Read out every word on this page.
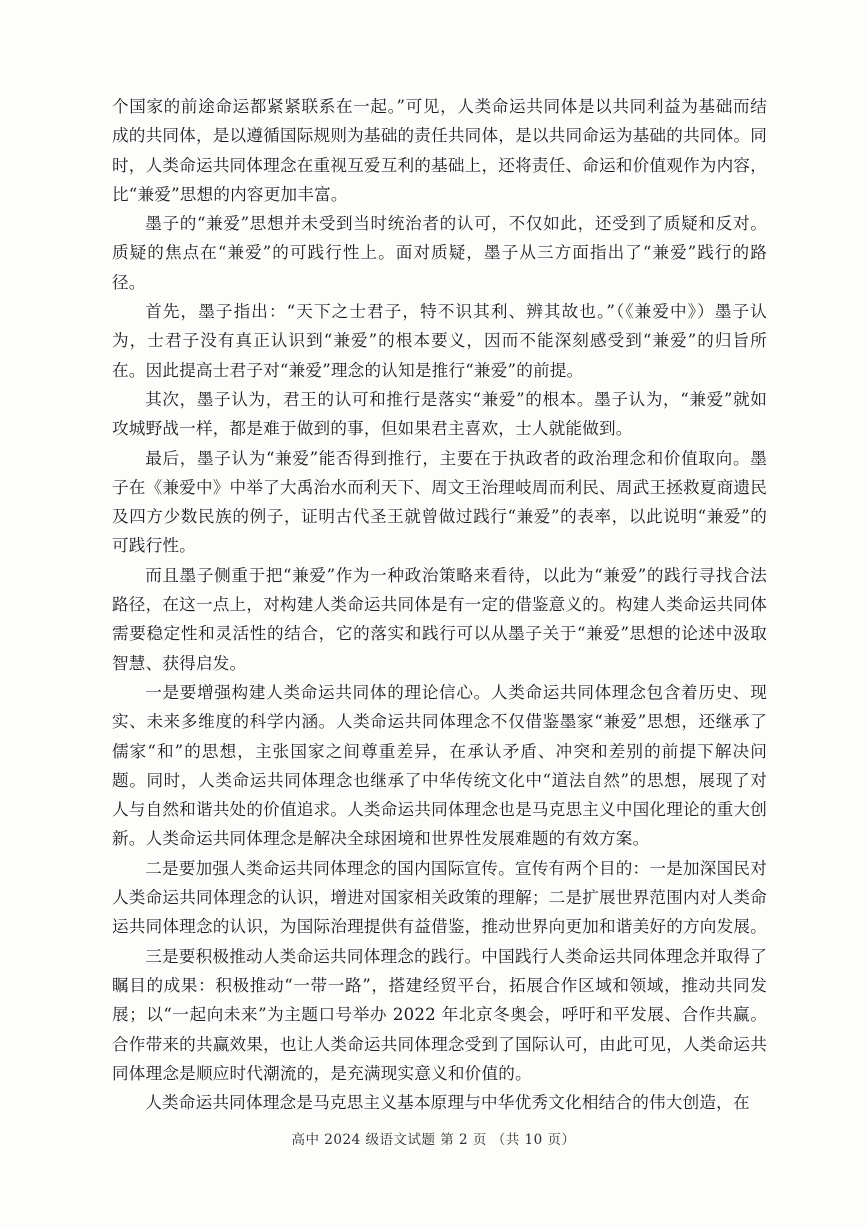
个国家的前途命运都紧紧联系在一起。”可见，人类命运共同体是以共同利益为基础而结成的共同体，是以遵循国际规则为基础的责任共同体，是以共同命运为基础的共同体。同时，人类命运共同体理念在重视互爱互利的基础上，还将责任、命运和价值观作为内容，比“兼爱”思想的内容更加丰富。

墨子的“兼爱”思想并未受到当时统治者的认可，不仅如此，还受到了质疑和反对。质疑的焦点在“兼爱”的可践行性上。面对质疑，墨子从三方面指出了“兼爱”践行的路径。

首先，墨子指出：“天下之士君子，特不识其利、辨其故也。”（《兼爱中》）墨子认为，士君子没有真正认识到“兼爱”的根本要义，因而不能深刻感受到“兼爱”的归旨所在。因此提高士君子对“兼爱”理念的认知是推行“兼爱”的前提。

其次，墨子认为，君王的认可和推行是落实“兼爱”的根本。墨子认为，“兼爱”就如攻城野战一样，都是难于做到的事，但如果君主喜欢，士人就能做到。

最后，墨子认为“兼爱”能否得到推行，主要在于执政者的政治理念和价值取向。墨子在《兼爱中》中举了大禹治水而利天下、周文王治理岐周而利民、周武王拯救夏商遗民及四方少数民族的例子，证明古代圣王就曾做过践行“兼爱”的表率，以此说明“兼爱”的可践行性。

而且墨子侧重于把“兼爱”作为一种政治策略来看待，以此为“兼爱”的践行寻找合法路径，在这一点上，对构建人类命运共同体是有一定的借鉴意义的。构建人类命运共同体需要稳定性和灵活性的结合，它的落实和践行可以从墨子关于“兼爱”思想的论述中汲取智慧、获得启发。

一是要增强构建人类命运共同体的理论信心。人类命运共同体理念包含着历史、现实、未来多维度的科学内涵。人类命运共同体理念不仅借鉴墨家“兼爱”思想，还继承了儒家“和”的思想，主张国家之间尊重差异，在承认矛盾、冲突和差别的前提下解决问题。同时，人类命运共同体理念也继承了中华传统文化中“道法自然”的思想，展现了对人与自然和谐共处的价值追求。人类命运共同体理念也是马克思主义中国化理论的重大创新。人类命运共同体理念是解决全球困境和世界性发展难题的有效方案。

二是要加强人类命运共同体理念的国内国际宣传。宣传有两个目的：一是加深国民对人类命运共同体理念的认识，增进对国家相关政策的理解；二是扩展世界范围内对人类命运共同体理念的认识，为国际治理提供有益借鉴，推动世界向更加和谐美好的方向发展。

三是要积极推动人类命运共同体理念的践行。中国践行人类命运共同体理念并取得了瞩目的成果：积极推动“一带一路”，搭建经贸平台，拓展合作区域和领域，推动共同发展；以“一起向未来”为主题口号举办 2022 年北京冬奥会，呼吁和平发展、合作共赢。合作带来的共赢效果，也让人类命运共同体理念受到了国际认可，由此可见，人类命运共同体理念是顺应时代潮流的，是充满现实意义和价值的。

人类命运共同体理念是马克思主义基本原理与中华优秀文化相结合的伟大创造，在

高中 2024 级语文试题 第 2 页 （共 10 页）
